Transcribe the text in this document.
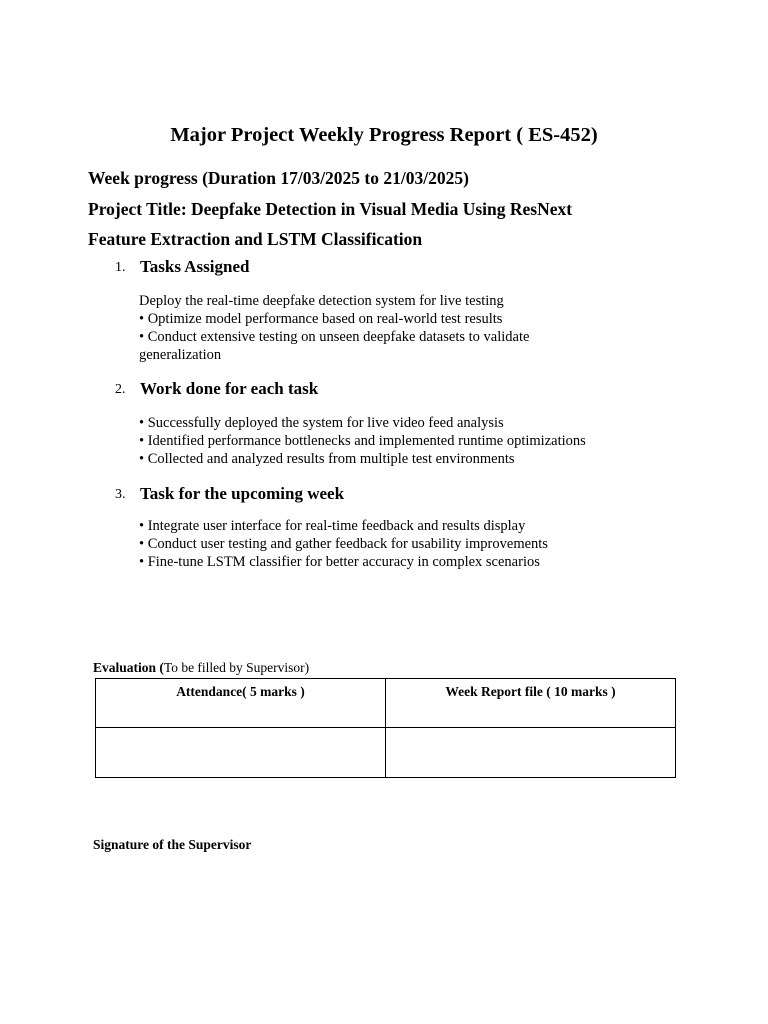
Major Project Weekly Progress Report ( ES-452)
Week progress (Duration 17/03/2025 to 21/03/2025)
Project Title: Deepfake Detection in Visual Media Using ResNext
Feature Extraction and LSTM Classification
1. Tasks Assigned
Deploy the real-time deepfake detection system for live testing
• Optimize model performance based on real-world test results
• Conduct extensive testing on unseen deepfake datasets to validate
generalization
2. Work done for each task
• Successfully deployed the system for live video feed analysis
• Identified performance bottlenecks and implemented runtime optimizations
• Collected and analyzed results from multiple test environments
3. Task for the upcoming week
• Integrate user interface for real-time feedback and results display
• Conduct user testing and gather feedback for usability improvements
• Fine-tune LSTM classifier for better accuracy in complex scenarios
Evaluation (To be filled by Supervisor)
Attendance( 5 marks )	Week Report file ( 10 marks )

Signature of the Supervisor
